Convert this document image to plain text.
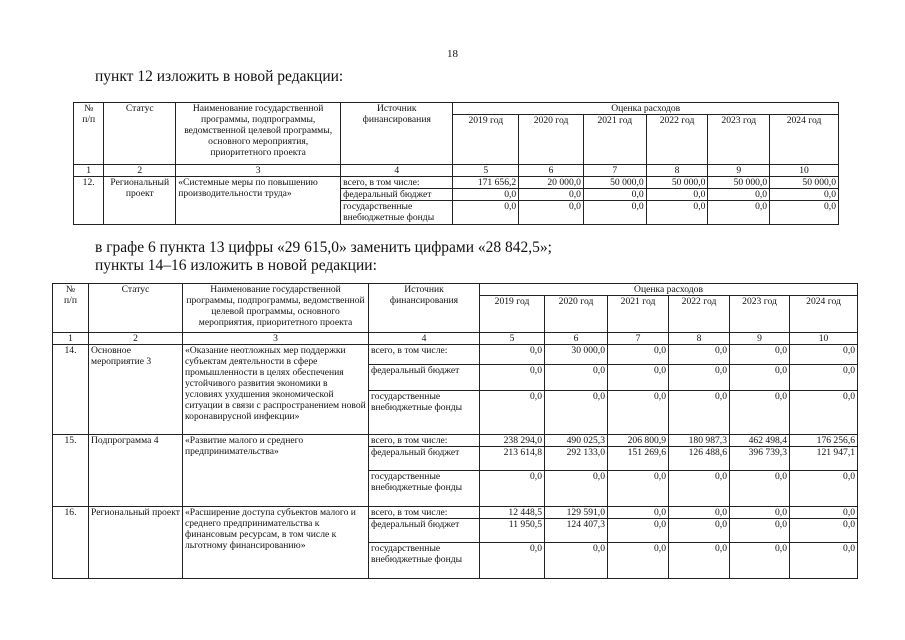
18
пункт 12 изложить в новой редакции:
№
п/п	Статус	Наименование государственной программы, подпрограммы, ведомственной целевой программы, основного мероприятия, приоритетного проекта	Источник финансирования	Оценка расходов					
				2019 год	2020 год	2021 год	2022 год	2023 год	2024 год
1	2	3	4	5	6	7	8	9	10
12.	Региональный проект	«Системные меры по повышению производительности труда»	всего, в том числе:	171 656,2	20 000,0	50 000,0	50 000,0	50 000,0	50 000,0
			федеральный бюджет	0,0	0,0	0,0	0,0	0,0	0,0
			государственные внебюджетные фонды	0,0	0,0	0,0	0,0	0,0	0,0
в графе 6 пункта 13 цифры «29 615,0» заменить цифрами «28 842,5»;
пункты 14–16 изложить в новой редакции:
№
п/п	Статус	Наименование государственной программы, подпрограммы, ведомственной целевой программы, основного мероприятия, приоритетного проекта	Источник финансирования	Оценка расходов					
				2019 год	2020 год	2021 год	2022 год	2023 год	2024 год
1	2	3	4	5	6	7	8	9	10
14.	Основное мероприятие 3	«Оказание неотложных мер поддержки субъектам деятельности в сфере промышленности в целях обеспечения устойчивого развития экономики в условиях ухудшения экономической ситуации в связи с распространением новой коронавирусной инфекции»	всего, в том числе:	0,0	30 000,0	0,0	0,0	0,0	0,0
			федеральный бюджет	0,0	0,0	0,0	0,0	0,0	0,0
			государственные внебюджетные фонды	0,0	0,0	0,0	0,0	0,0	0,0
15.	Подпрограмма 4	«Развитие малого и среднего предпринимательства»	всего, в том числе:	238 294,0	490 025,3	206 800,9	180 987,3	462 498,4	176 256,6
			федеральный бюджет	213 614,8	292 133,0	151 269,6	126 488,6	396 739,3	121 947,1
			государственные внебюджетные фонды	0,0	0,0	0,0	0,0	0,0	0,0
16.	Региональный проект	«Расширение доступа субъектов малого и среднего предпринимательства к финансовым ресурсам, в том числе к льготному финансированию»	всего, в том числе:	12 448,5	129 591,0	0,0	0,0	0,0	0,0
			федеральный бюджет	11 950,5	124 407,3	0,0	0,0	0,0	0,0
			государственные внебюджетные фонды	0,0	0,0	0,0	0,0	0,0	0,0
